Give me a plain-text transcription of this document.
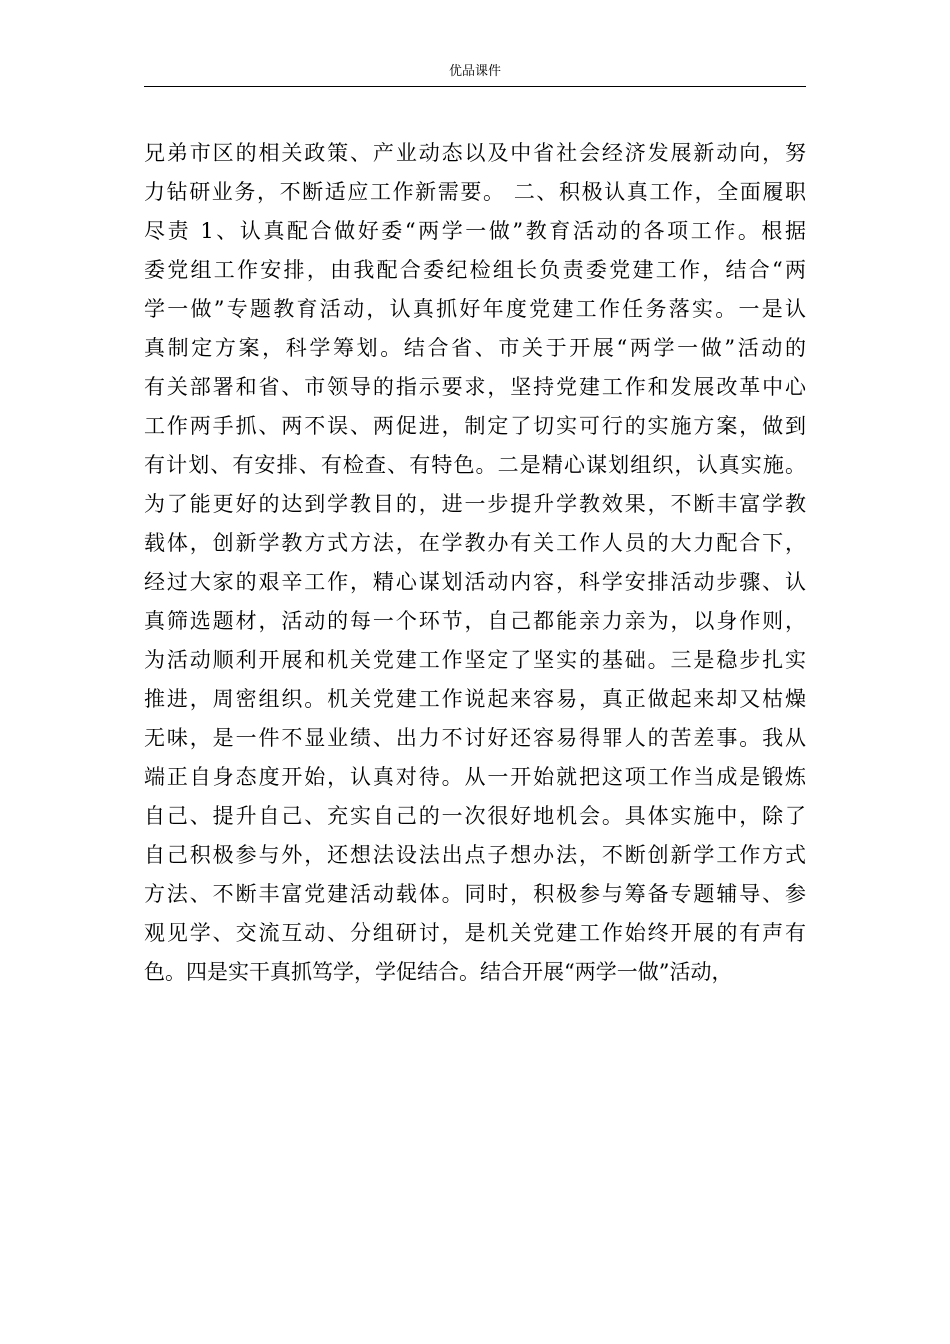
优品课件
兄弟市区的相关政策、产业动态以及中省社会经济发展新动向，努
力钻研业务，不断适应工作新需要。 二、积极认真工作，全面履职
尽责 1、认真配合做好委“两学一做”教育活动的各项工作。根据
委党组工作安排，由我配合委纪检组长负责委党建工作，结合“两
学一做”专题教育活动，认真抓好年度党建工作任务落实。一是认
真制定方案，科学筹划。结合省、市关于开展“两学一做”活动的
有关部署和省、市领导的指示要求，坚持党建工作和发展改革中心
工作两手抓、两不误、两促进，制定了切实可行的实施方案，做到
有计划、有安排、有检查、有特色。二是精心谋划组织，认真实施。
为了能更好的达到学教目的，进一步提升学教效果，不断丰富学教
载体，创新学教方式方法，在学教办有关工作人员的大力配合下，
经过大家的艰辛工作，精心谋划活动内容，科学安排活动步骤、认
真筛选题材，活动的每一个环节，自己都能亲力亲为，以身作则，
为活动顺利开展和机关党建工作坚定了坚实的基础。三是稳步扎实
推进，周密组织。机关党建工作说起来容易，真正做起来却又枯燥
无味，是一件不显业绩、出力不讨好还容易得罪人的苦差事。我从
端正自身态度开始，认真对待。从一开始就把这项工作当成是锻炼
自己、提升自己、充实自己的一次很好地机会。具体实施中，除了
自己积极参与外，还想法设法出点子想办法，不断创新学工作方式
方法、不断丰富党建活动载体。同时，积极参与筹备专题辅导、参
观见学、交流互动、分组研讨，是机关党建工作始终开展的有声有
色。四是实干真抓笃学，学促结合。结合开展“两学一做”活动，
